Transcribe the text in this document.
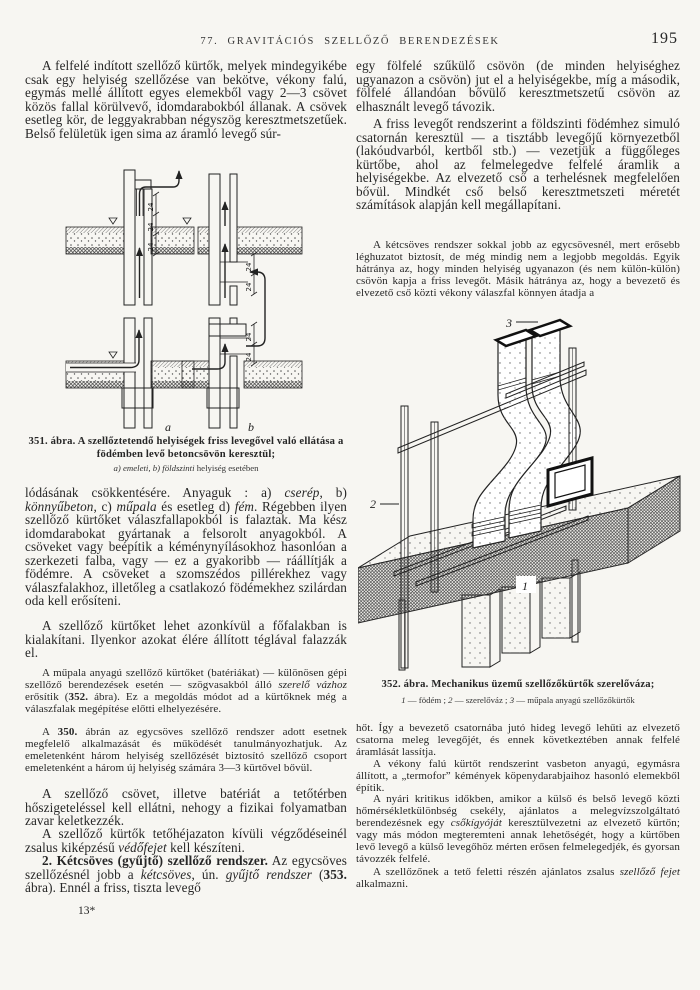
77. GRAVITÁCIÓS SZELLŐZŐ BERENDEZÉSEK	195
A felfelé indított szellőző kürtők, melyek mindegyikébe csak egy helyiség szellőzése van bekötve, vékony falú, egymás mellé állított egyes elemekből vagy 2—3 csövet közös fallal körülvevő, idomdarabokból állanak. A csövek esetleg kör, de leggyakrabban négyszög keresztmetszetűek. Belső felületük igen sima az áramló levegő súr-
24
24
24
a
24
24
24
24
b
351. ábra. A szellőztetendő helyiségek friss levegővel való ellátása a födémben levő betoncsövön keresztül;
a) emeleti, b) földszinti helyiség esetében
lódásának csökkentésére. Anyaguk : a) cserép, b) könnyűbeton, c) műpala és esetleg d) fém. Régebben ilyen szellőző kürtőket válaszfallapokból is falaztak. Ma kész idomdarabokat gyártanak a felsorolt anyagokból. A csöveket vagy beépítik a kéménynyílásokhoz hasonlóan a szerkezeti falba, vagy — ez a gyakoribb — ráállítják a födémre. A csöveket a szomszédos pillérekhez vagy válaszfalakhoz, illetőleg a csatlakozó födémekhez szilárdan oda kell erősíteni.
A szellőző kürtőket lehet azonkívül a főfalakban is kialakítani. Ilyenkor azokat élére állított téglával falazzák el.
A műpala anyagú szellőző kürtőket (batériákat) — különösen gépi szellőző berendezések esetén — szögvasakból álló szerelő vázhoz erősítik (352. ábra). Ez a megoldás módot ad a kürtőknek még a válaszfalak megépítése előtti elhelyezésére.
A 350. ábrán az egycsöves szellőző rendszer adott esetnek megfelelő alkalmazását és működését tanulmányozhatjuk. Az emeletenként három helyiség szellőzését biztosító szellőző csoport emeletenként a három új helyiség számára 3—3 kürtővel bővül.
A szellőző csövet, illetve batériát a tetőtérben hőszigeteléssel kell ellátni, nehogy a fizikai folyamatban zavar keletkezzék.
A szellőző kürtők tetőhéjazaton kívüli végződéseinél zsalus kiképzésű védőfejet kell készíteni.
2. Kétcsöves (gyűjtő) szellőző rendszer. Az egycsöves szellőzésnél jobb a kétcsöves, ún. gyűjtő rendszer (353. ábra). Ennél a friss, tiszta levegő
13*
egy fölfelé szűkülő csövön (de minden helyiséghez ugyanazon a csövön) jut el a helyiségekbe, míg a második, fölfelé állandóan bővülő keresztmetszetű csövön az elhasznált levegő távozik.
A friss levegőt rendszerint a földszinti födémhez simuló csatornán keresztül — a tisztább levegőjű környezetből (lakóudvarból, kertből stb.) — vezetjük a függőleges kürtőbe, ahol az felmelegedve felfelé áramlik a helyiségekbe. Az elvezető cső a terhelésnek megfelelően bővül. Mindkét cső belső keresztmetszeti méretét számítások alapján kell megállapítani.
A kétcsöves rendszer sokkal jobb az egycsövesnél, mert erősebb léghuzatot biztosít, de még mindig nem a legjobb megoldás. Egyik hátránya az, hogy minden helyiség ugyanazon (és nem külön-külön) csövön kapja a friss levegőt. Másik hátránya az, hogy a bevezető és elvezető cső közti vékony válaszfal könnyen átadja a
3
2
1
352. ábra. Mechanikus üzemű szellőzőkürtők szerelőváza;
1 — födém ; 2 — szerelőváz ; 3 — műpala anyagú szellőzőkürtők
hőt. Így a bevezető csatornába jutó hideg levegő lehűti az elvezető csatorna meleg levegőjét, és ennek következtében annak felfelé áramlását lassítja.
A vékony falú kürtőt rendszerint vasbeton anyagú, egymásra állított, a „termofor” kémények köpenydarabjaihoz hasonló elemekből építik.
A nyári kritikus időkben, amikor a külső és belső levegő közti hőmérsékletkülönbség csekély, ajánlatos a melegvízszolgáltató berendezésnek egy csőkígyóját keresztülvezetni az elvezető kürtőn; vagy más módon megteremteni annak lehetőségét, hogy a kürtőben levő levegő a külső levegőhöz mérten erősen felmelegedjék, és gyorsan távozzék felfelé.
A szellőzőnek a tető feletti részén ajánlatos zsalus szellőző fejet alkalmazni.
